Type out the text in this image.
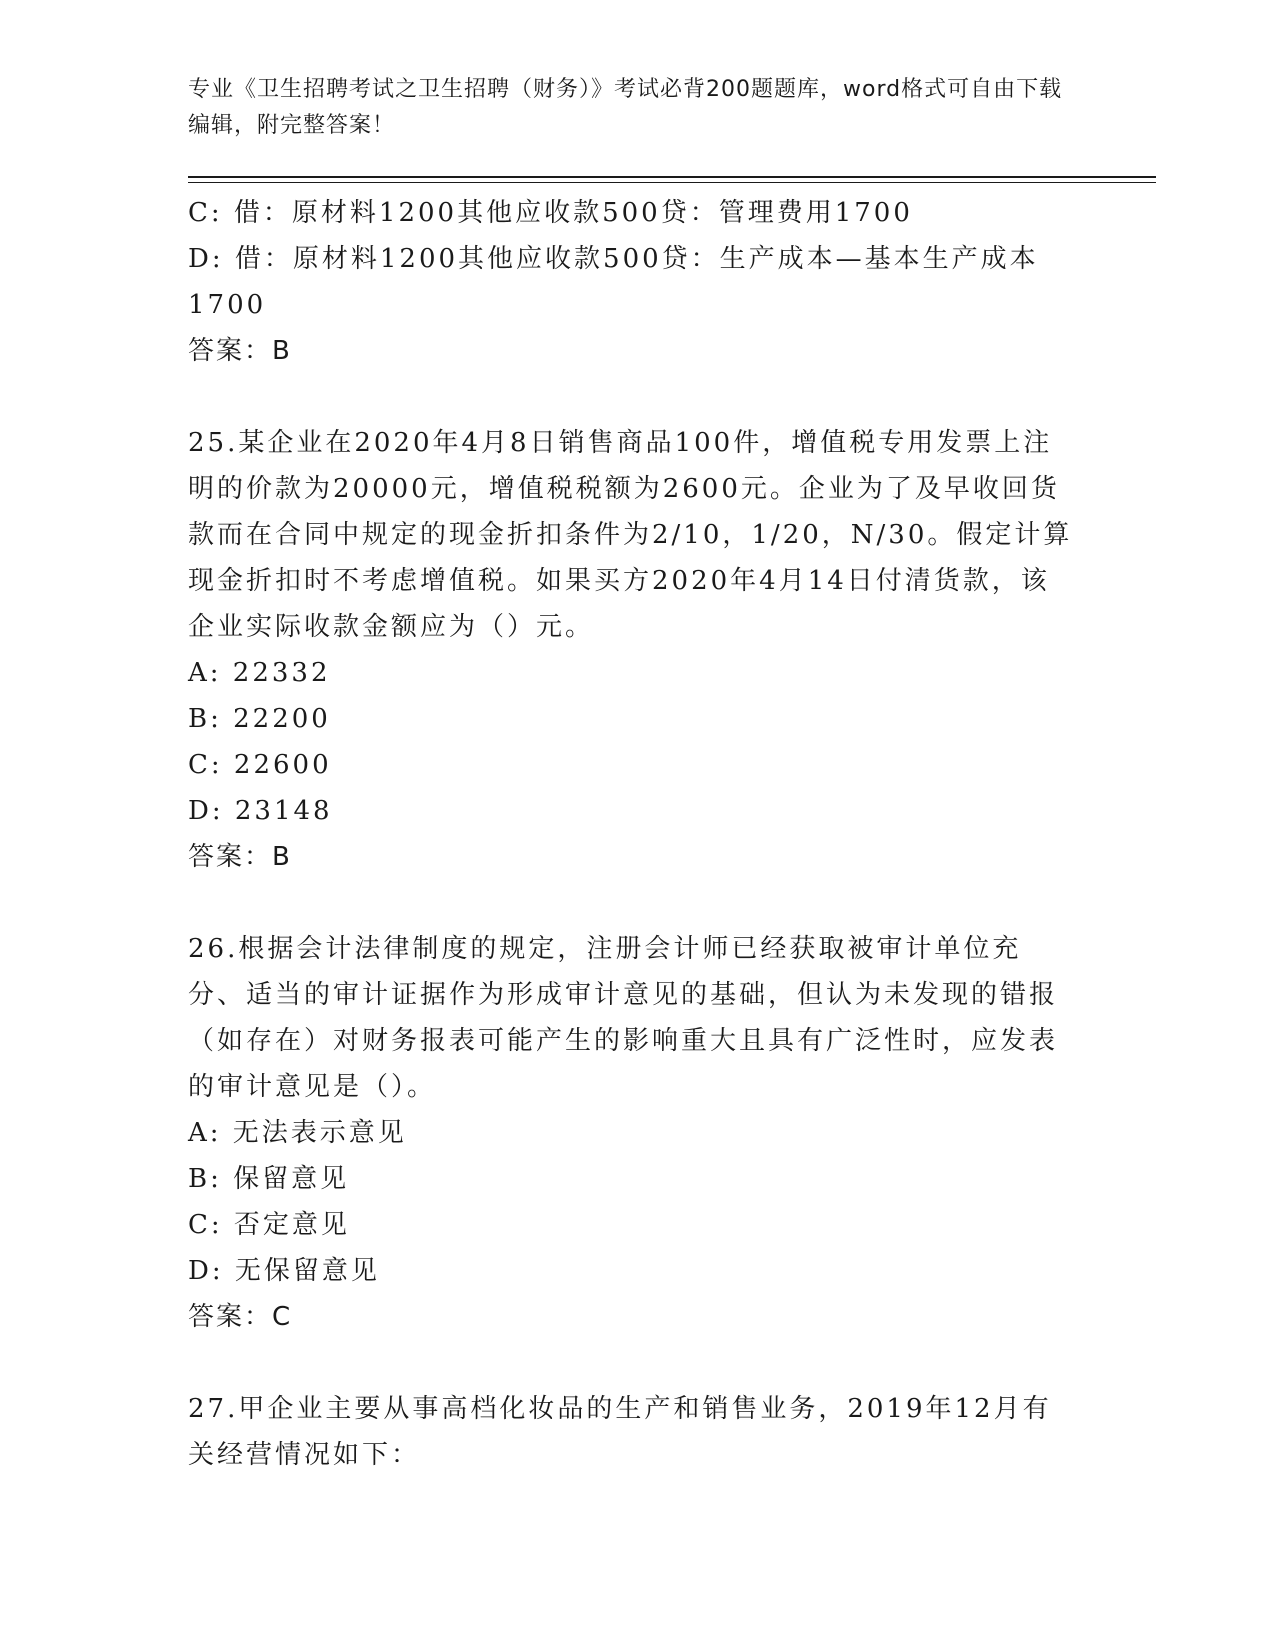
专业《卫生招聘考试之卫生招聘（财务）》考试必背200题题库，word格式可自由下载编辑，附完整答案！

C: 借：原材料1200其他应收款500贷：管理费用1700

D: 借：原材料1200其他应收款500贷：生产成本—基本生产成本1700

答案：B

25.某企业在2020年4月8日销售商品100件，增值税专用发票上注明的价款为20000元，增值税税额为2600元。企业为了及早收回货款而在合同中规定的现金折扣条件为2/10，1/20，N/30。假定计算现金折扣时不考虑增值税。如果买方2020年4月14日付清货款，该企业实际收款金额应为（）元。

A: 22332

B: 22200

C: 22600

D: 23148

答案：B

26.根据会计法律制度的规定，注册会计师已经获取被审计单位充分、适当的审计证据作为形成审计意见的基础，但认为未发现的错报（如存在）对财务报表可能产生的影响重大且具有广泛性时，应发表的审计意见是（）。

A: 无法表示意见

B: 保留意见

C: 否定意见

D: 无保留意见

答案：C

27.甲企业主要从事高档化妆品的生产和销售业务，2019年12月有关经营情况如下：
